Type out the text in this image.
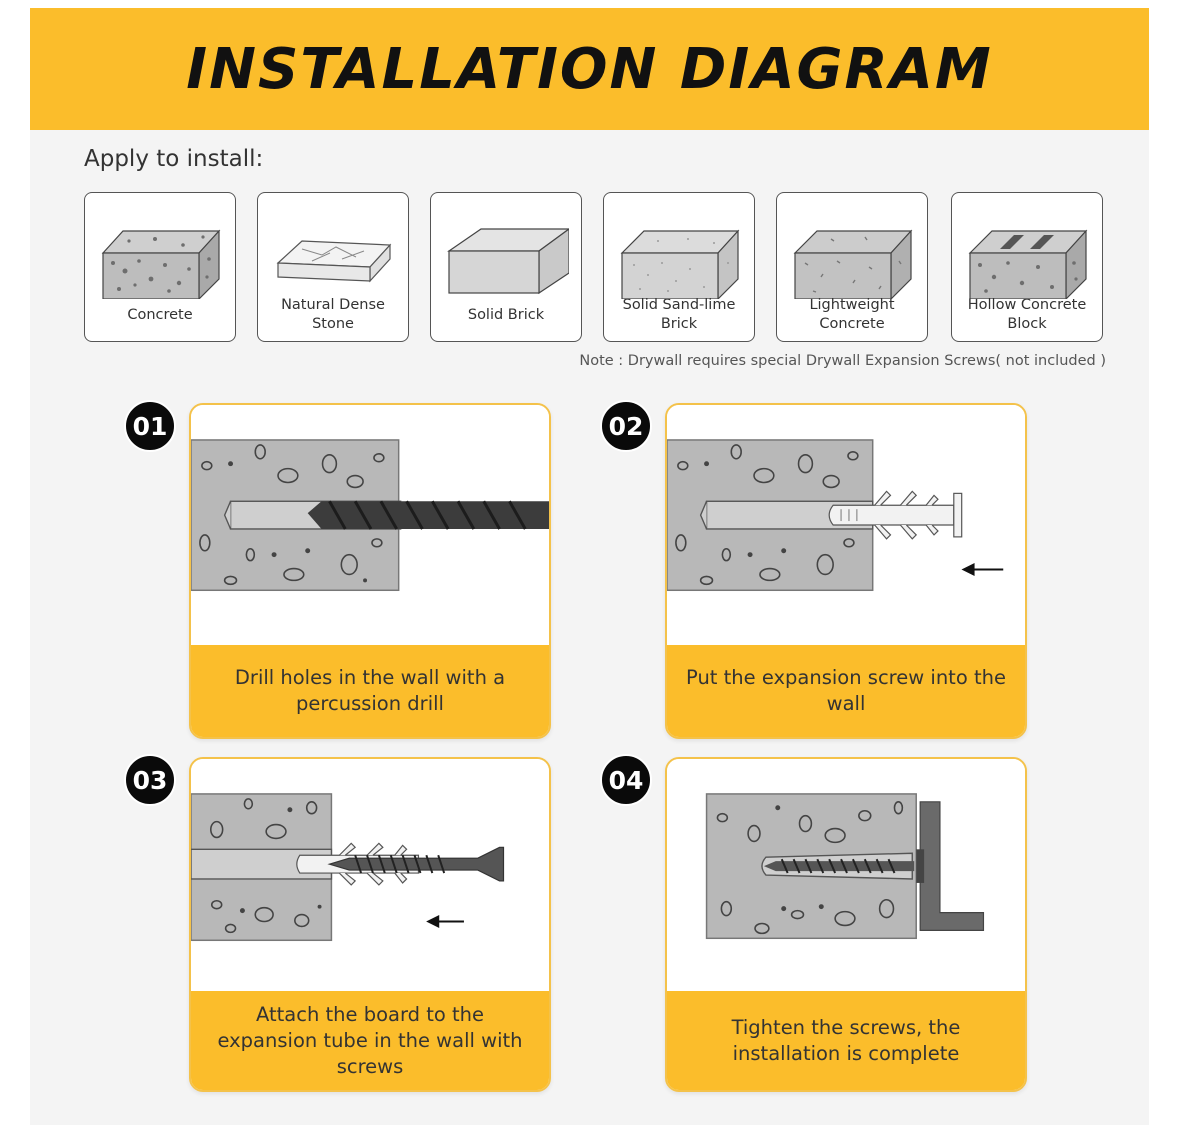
INSTALLATION DIAGRAM
Apply to install:
Concrete
Natural Dense Stone
Solid Brick
Solid Sand-lime Brick
Lightweight Concrete
Hollow Concrete Block
Note : Drywall requires special Drywall Expansion Screws( not included )
Drill holes in the wall with a percussion drill
01
Put the expansion screw into the wall
02
Attach the board to the expansion tube in the wall with screws
03
Tighten the screws, the installation is complete
04
